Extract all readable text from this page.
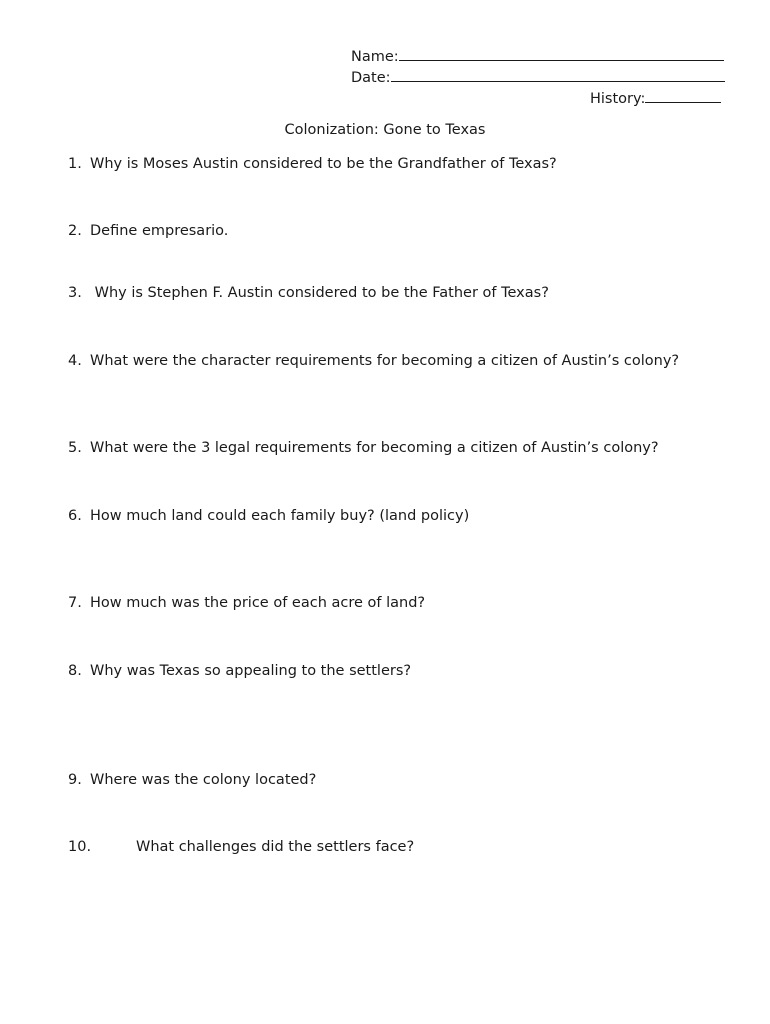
Name:
Date:
History:
Colonization: Gone to Texas
1. Why is Moses Austin considered to be the Grandfather of Texas?
2. Define empresario.
3. Why is Stephen F. Austin considered to be the Father of Texas?
4. What were the character requirements for becoming a citizen of Austin’s colony?
5. What were the 3 legal requirements for becoming a citizen of Austin’s colony?
6. How much land could each family buy? (land policy)
7. How much was the price of each acre of land?
8. Why was Texas so appealing to the settlers?
9. Where was the colony located?
10.	What challenges did the settlers face?
